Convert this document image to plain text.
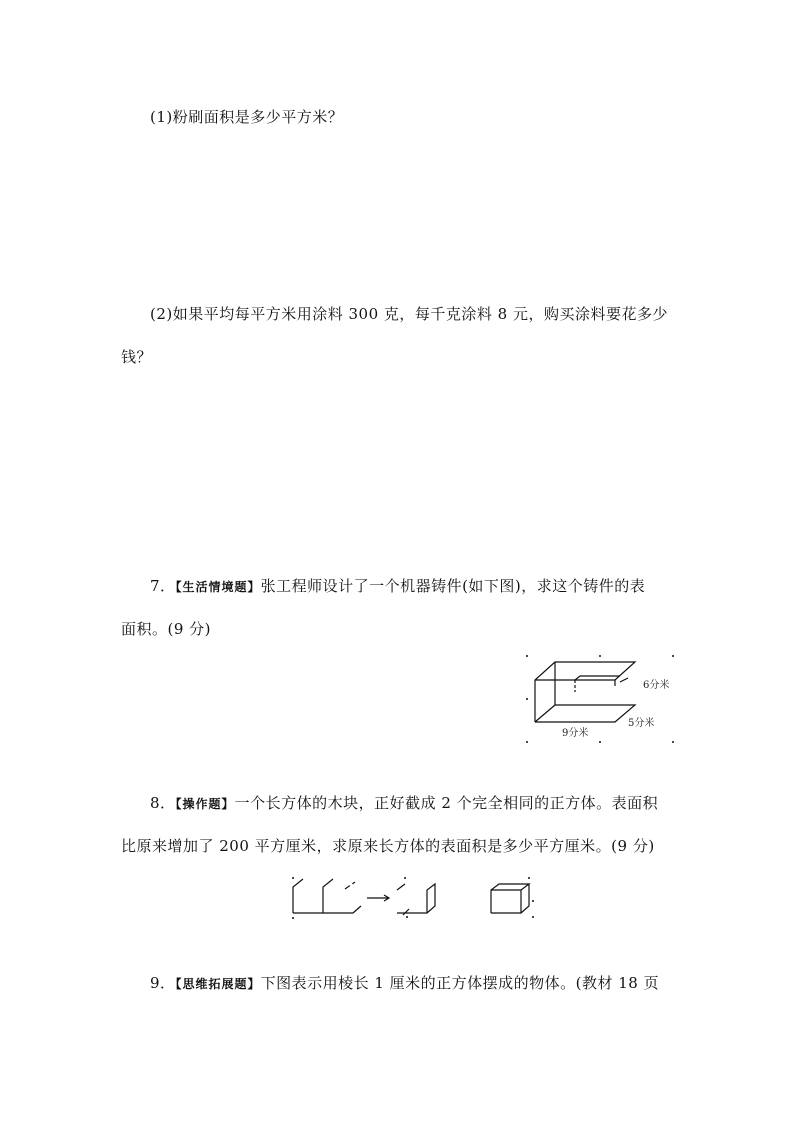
(1)粉刷面积是多少平方米？
(2)如果平均每平方米用涂料 300 克，每千克涂料 8 元，购买涂料要花多少
钱？
7．【生活情境题】张工程师设计了一个机器铸件(如下图)，求这个铸件的表
面积。(9 分)
6分米
5分米
9分米
8．【操作题】一个长方体的木块，正好截成 2 个完全相同的正方体。表面积
比原来增加了 200 平方厘米，求原来长方体的表面积是多少平方厘米。(9 分)
9．【思维拓展题】下图表示用棱长 1 厘米的正方体摆成的物体。(教材 18 页
